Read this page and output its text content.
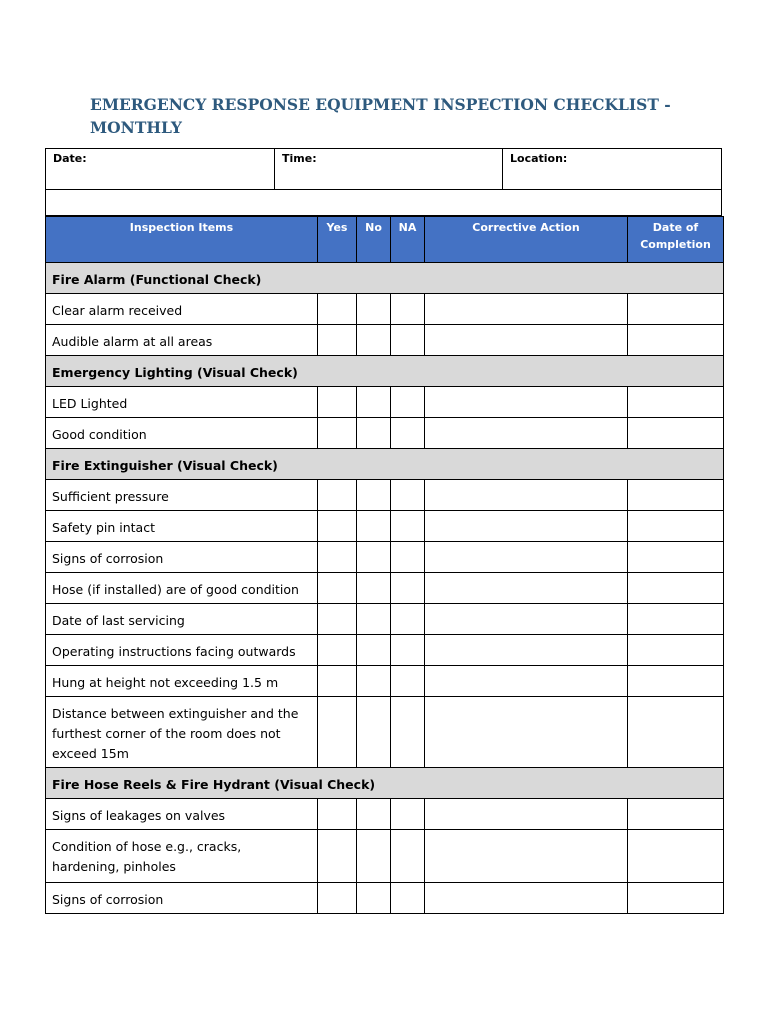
EMERGENCY RESPONSE EQUIPMENT INSPECTION CHECKLIST - MONTHLY
Date:	Time:	Location:
Inspection Items	Yes	No	NA	Corrective Action	Date of Completion
Fire Alarm (Functional Check)					
Clear alarm received					
Audible alarm at all areas					
Emergency Lighting (Visual Check)					
LED Lighted					
Good condition					
Fire Extinguisher (Visual Check)					
Sufficient pressure					
Safety pin intact					
Signs of corrosion					
Hose (if installed) are of good condition					
Date of last servicing					
Operating instructions facing outwards					
Hung at height not exceeding 1.5 m					
Distance between extinguisher and the furthest corner of the room does not exceed 15m					
Fire Hose Reels & Fire Hydrant (Visual Check)					
Signs of leakages on valves					
Condition of hose e.g., cracks, hardening, pinholes					
Signs of corrosion					
